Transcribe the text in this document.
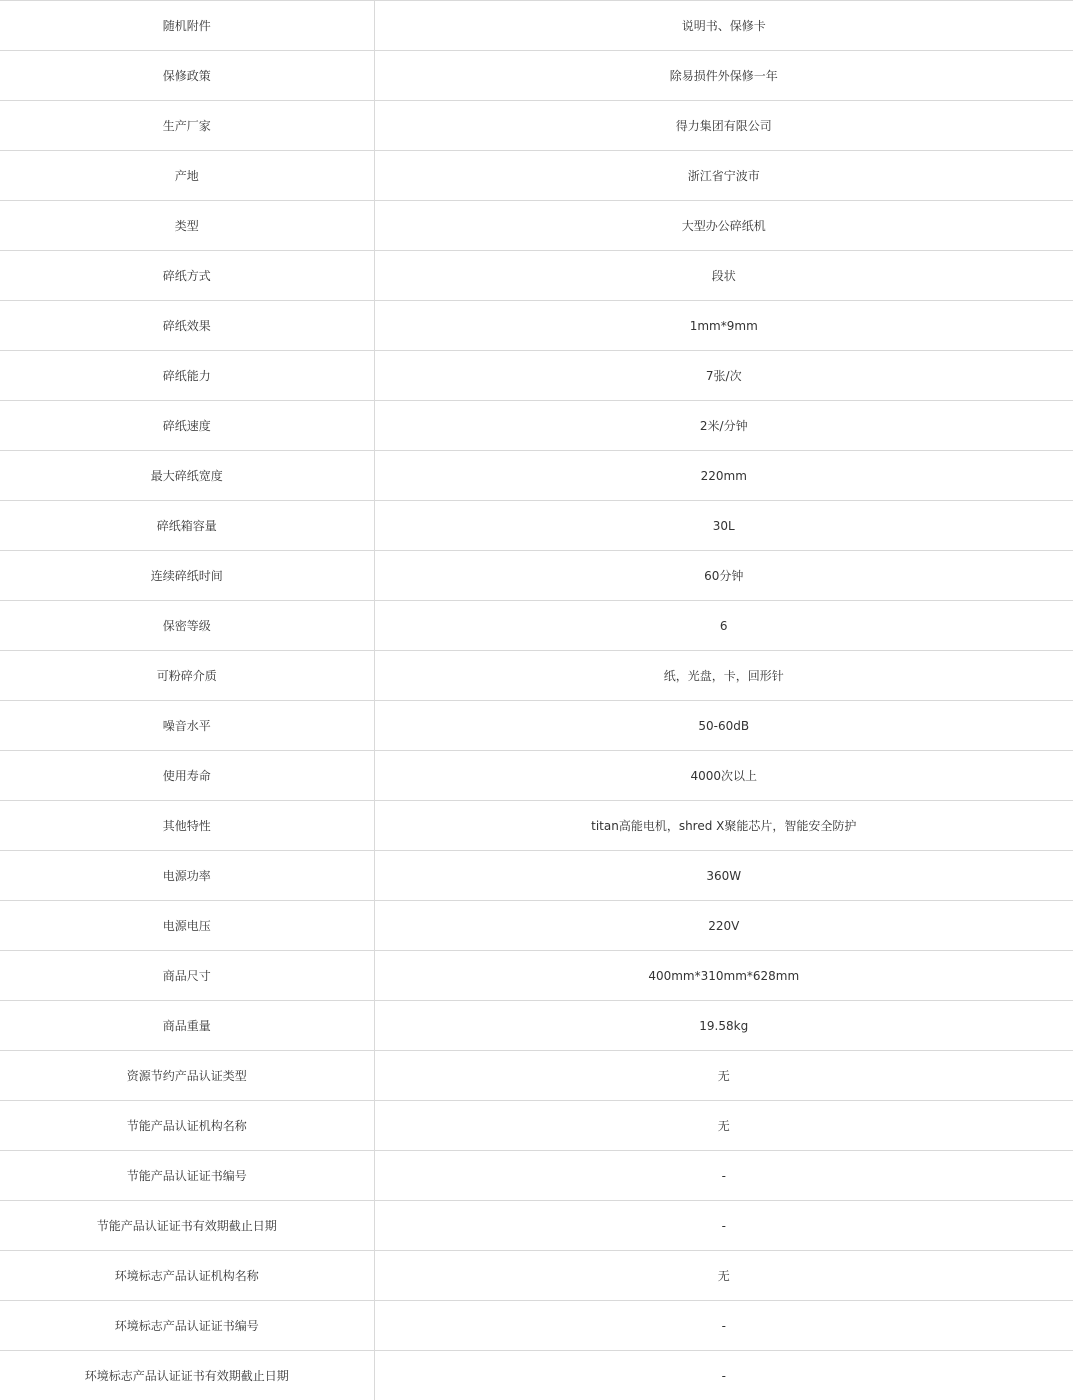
随机附件	说明书、保修卡
保修政策	除易损件外保修一年
生产厂家	得力集团有限公司
产地	浙江省宁波市
类型	大型办公碎纸机
碎纸方式	段状
碎纸效果	1mm*9mm
碎纸能力	7张/次
碎纸速度	2米/分钟
最大碎纸宽度	220mm
碎纸箱容量	30L
连续碎纸时间	60分钟
保密等级	6
可粉碎介质	纸，光盘，卡，回形针
噪音水平	50-60dB
使用寿命	4000次以上
其他特性	titan高能电机，shred X聚能芯片，智能安全防护
电源功率	360W
电源电压	220V
商品尺寸	400mm*310mm*628mm
商品重量	19.58kg
资源节约产品认证类型	无
节能产品认证机构名称	无
节能产品认证证书编号	-
节能产品认证证书有效期截止日期	-
环境标志产品认证机构名称	无
环境标志产品认证证书编号	-
环境标志产品认证证书有效期截止日期	-
